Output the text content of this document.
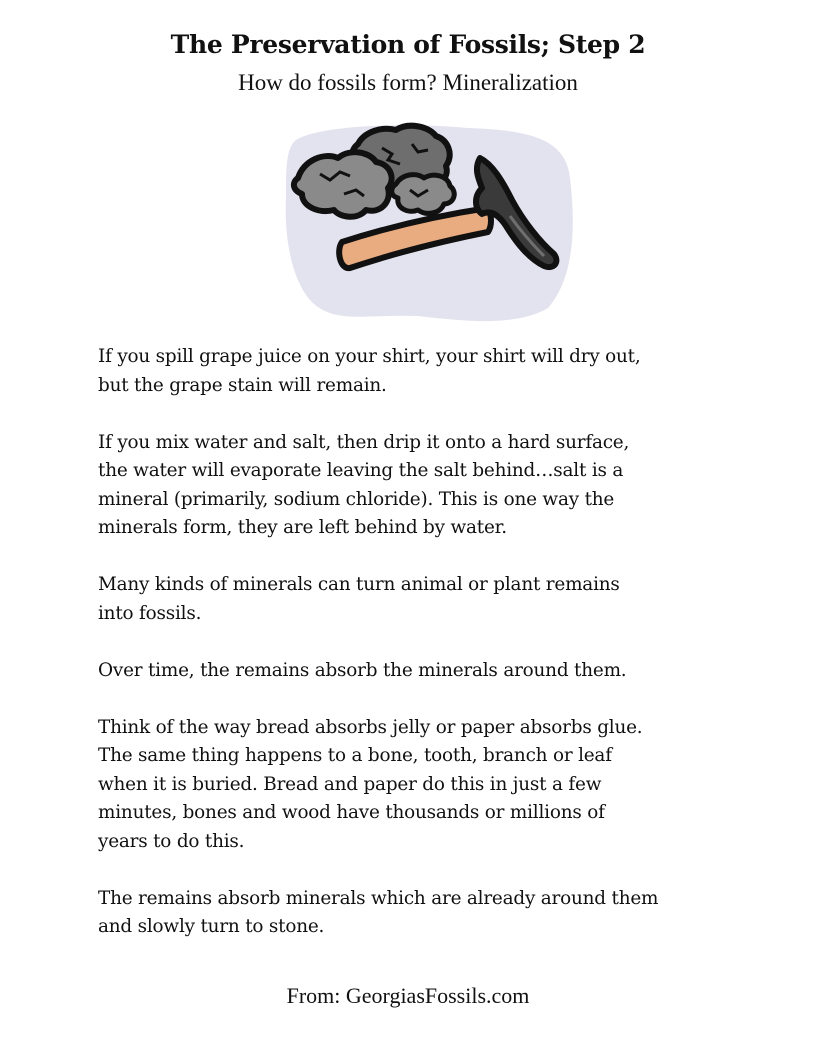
The Preservation of Fossils; Step 2
How do fossils form? Mineralization

If you spill grape juice on your shirt, your shirt will dry out,
but the grape stain will remain.

If you mix water and salt, then drip it onto a hard surface,
the water will evaporate leaving the salt behind…salt is a
mineral (primarily, sodium chloride). This is one way the
minerals form, they are left behind by water.

Many kinds of minerals can turn animal or plant remains
into fossils.

Over time, the remains absorb the minerals around them.

Think of the way bread absorbs jelly or paper absorbs glue.
The same thing happens to a bone, tooth, branch or leaf
when it is buried. Bread and paper do this in just a few
minutes, bones and wood have thousands or millions of
years to do this.

The remains absorb minerals which are already around them
and slowly turn to stone.

From: GeorgiasFossils.com
